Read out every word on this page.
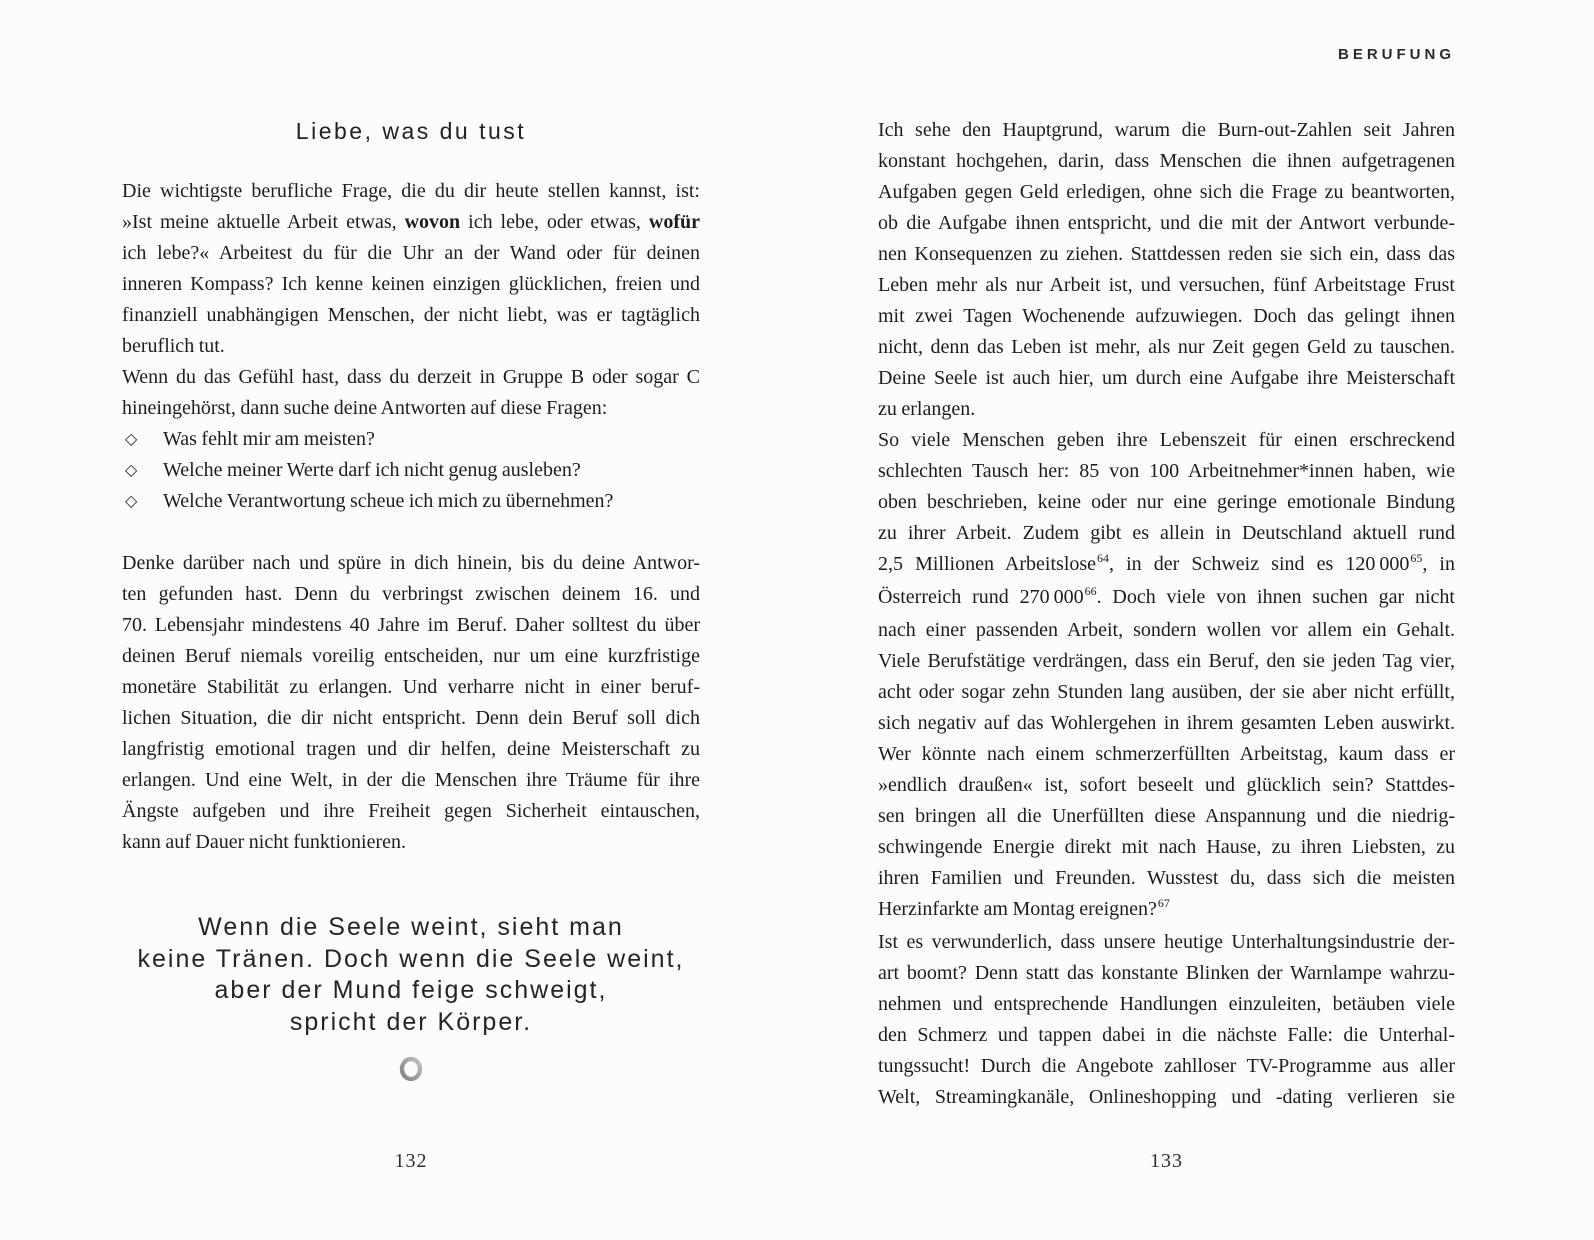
Liebe, was du tust
Die wichtigste berufliche Frage, die du dir heute stellen kannst, ist:
»Ist meine aktuelle Arbeit etwas, wovon ich lebe, oder etwas, wofür
ich lebe?« Arbeitest du für die Uhr an der Wand oder für deinen
inneren Kompass? Ich kenne keinen einzigen glücklichen, freien und
finanziell unabhängigen Menschen, der nicht liebt, was er tagtäglich
beruflich tut.
Wenn du das Gefühl hast, dass du derzeit in Gruppe B oder sogar C
hineingehörst, dann suche deine Antworten auf diese Fragen:
◇	Was fehlt mir am meisten?
◇	Welche meiner Werte darf ich nicht genug ausleben?
◇	Welche Verantwortung scheue ich mich zu übernehmen?
Denke darüber nach und spüre in dich hinein, bis du deine Antwor-
ten gefunden hast. Denn du verbringst zwischen deinem 16. und
70. Lebensjahr mindestens 40 Jahre im Beruf. Daher solltest du über
deinen Beruf niemals voreilig entscheiden, nur um eine kurzfristige
monetäre Stabilität zu erlangen. Und verharre nicht in einer beruf-
lichen Situation, die dir nicht entspricht. Denn dein Beruf soll dich
langfristig emotional tragen und dir helfen, deine Meisterschaft zu
erlangen. Und eine Welt, in der die Menschen ihre Träume für ihre
Ängste aufgeben und ihre Freiheit gegen Sicherheit eintauschen,
kann auf Dauer nicht funktionieren.
Wenn die Seele weint, sieht man
keine Tränen. Doch wenn die Seele weint,
aber der Mund feige schweigt,
spricht der Körper.
132
BERUFUNG
Ich sehe den Hauptgrund, warum die Burn-out-Zahlen seit Jahren
konstant hochgehen, darin, dass Menschen die ihnen aufgetragenen
Aufgaben gegen Geld erledigen, ohne sich die Frage zu beantworten,
ob die Aufgabe ihnen entspricht, und die mit der Antwort verbunde-
nen Konsequenzen zu ziehen. Stattdessen reden sie sich ein, dass das
Leben mehr als nur Arbeit ist, und versuchen, fünf Arbeitstage Frust
mit zwei Tagen Wochenende aufzuwiegen. Doch das gelingt ihnen
nicht, denn das Leben ist mehr, als nur Zeit gegen Geld zu tauschen.
Deine Seele ist auch hier, um durch eine Aufgabe ihre Meisterschaft
zu erlangen.
So viele Menschen geben ihre Lebenszeit für einen erschreckend
schlechten Tausch her: 85 von 100 Arbeitnehmer*innen haben, wie
oben beschrieben, keine oder nur eine geringe emotionale Bindung
zu ihrer Arbeit. Zudem gibt es allein in Deutschland aktuell rund
2,5 Millionen Arbeitslose$^{64}$, in der Schweiz sind es 120 $000^{65}$, in
Österreich rund 270 $000^{66}$. Doch viele von ihnen suchen gar nicht
nach einer passenden Arbeit, sondern wollen vor allem ein Gehalt.
Viele Berufstätige verdrängen, dass ein Beruf, den sie jeden Tag vier,
acht oder sogar zehn Stunden lang ausüben, der sie aber nicht erfüllt,
sich negativ auf das Wohlergehen in ihrem gesamten Leben auswirkt.
Wer könnte nach einem schmerzerfüllten Arbeitstag, kaum dass er
»endlich draußen« ist, sofort beseelt und glücklich sein? Stattdes-
sen bringen all die Unerfüllten diese Anspannung und die niedrig-
schwingende Energie direkt mit nach Hause, zu ihren Liebsten, zu
ihren Familien und Freunden. Wusstest du, dass sich die meisten
Herzinfarkte am Montag ereignen?$^{67}$
Ist es verwunderlich, dass unsere heutige Unterhaltungsindustrie der-
art boomt? Denn statt das konstante Blinken der Warnlampe wahrzu-
nehmen und entsprechende Handlungen einzuleiten, betäuben viele
den Schmerz und tappen dabei in die nächste Falle: die Unterhal-
tungssucht! Durch die Angebote zahlloser TV-Programme aus aller
Welt, Streamingkanäle, Onlineshopping und -dating verlieren sie
133
